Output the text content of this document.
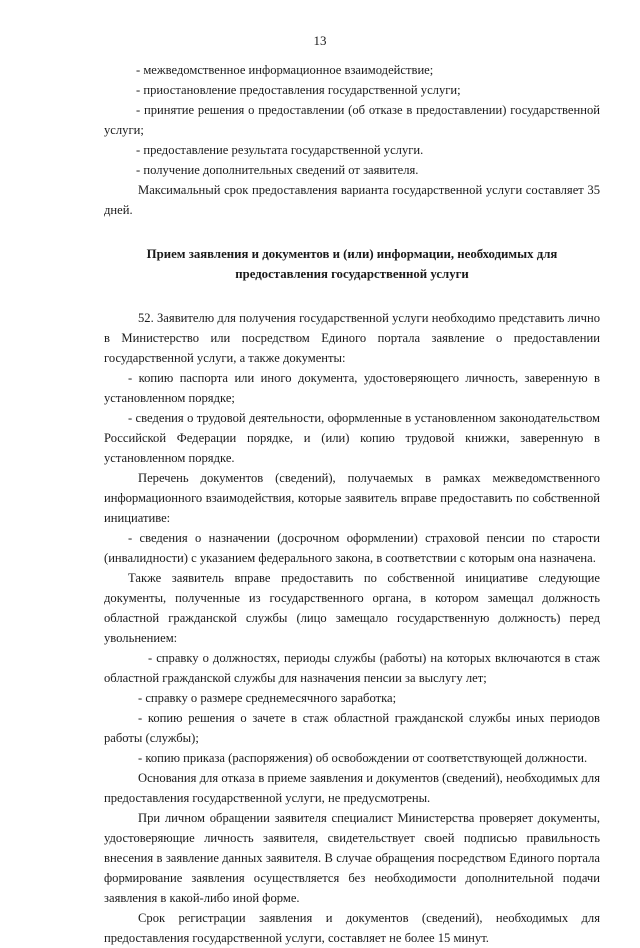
13

- межведомственное информационное взаимодействие;

- приостановление предоставления государственной услуги;

- принятие решения о предоставлении (об отказе в предоставлении) государственной услуги;

- предоставление результата государственной услуги.

- получение дополнительных сведений от заявителя.

Максимальный срок предоставления варианта государственной услуги составляет 35 дней.

Прием заявления и документов и (или) информации, необходимых для
предоставления государственной услуги

52. Заявителю для получения государственной услуги необходимо представить лично в Министерство или посредством Единого портала заявление о предоставлении государственной услуги, а также документы:

- копию паспорта или иного документа, удостоверяющего личность, заверенную в установленном порядке;

- сведения о трудовой деятельности, оформленные в установленном законодательством Российской Федерации порядке, и (или) копию трудовой книжки, заверенную в установленном порядке.

Перечень документов (сведений), получаемых в рамках межведомственного информационного взаимодействия, которые заявитель вправе предоставить по собственной инициативе:

- сведения о назначении (досрочном оформлении) страховой пенсии по старости (инвалидности) с указанием федерального закона, в соответствии с которым она назначена.

Также заявитель вправе предоставить по собственной инициативе следующие документы, полученные из государственного органа, в котором замещал должность областной гражданской службы (лицо замещало государственную должность) перед увольнением:

- справку о должностях, периоды службы (работы) на которых включаются в стаж областной гражданской службы для назначения пенсии за выслугу лет;

- справку о размере среднемесячного заработка;

- копию решения о зачете в стаж областной гражданской службы иных периодов работы (службы);

- копию приказа (распоряжения) об освобождении от соответствующей должности.

Основания для отказа в приеме заявления и документов (сведений), необходимых для предоставления государственной услуги, не предусмотрены.

При личном обращении заявителя специалист Министерства проверяет документы, удостоверяющие личность заявителя, свидетельствует своей подписью правильность внесения в заявление данных заявителя. В случае обращения посредством Единого портала формирование заявления осуществляется без необходимости дополнительной подачи заявления в какой-либо иной форме.

Срок регистрации заявления и документов (сведений), необходимых для предоставления государственной услуги, составляет не более 15 минут.
